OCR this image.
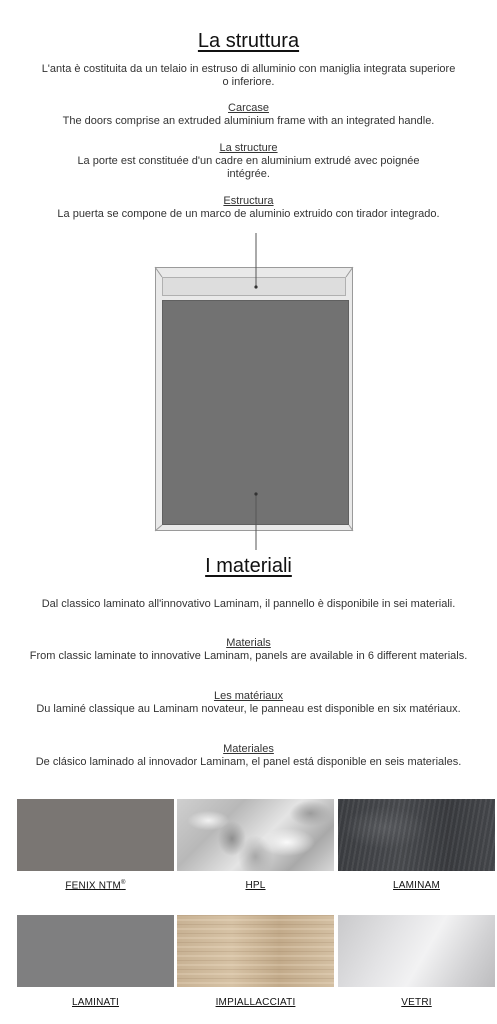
La struttura

L'anta è costituita da un telaio in estruso di alluminio con maniglia integrata superiore o inferiore.

Carcase

The doors comprise an extruded aluminium frame with an integrated handle.

La structure

La porte est constituée d'un cadre en aluminium extrudé avec poignée intégrée.

Estructura

La puerta se compone de un marco de aluminio extruido con tirador integrado.

I materiali

Dal classico laminato all'innovativo Laminam, il pannello è disponibile in sei materiali.

Materials

From classic laminate to innovative Laminam, panels are available in 6 different materials.

Les matériaux

Du laminé classique au Laminam novateur, le panneau est disponible en six matériaux.

Materiales

De clásico laminado al innovador Laminam, el panel está disponible en seis materiales.

FENIX NTM®	HPL	LAMINAM
LAMINATI	IMPIALLACCIATI	VETRI
